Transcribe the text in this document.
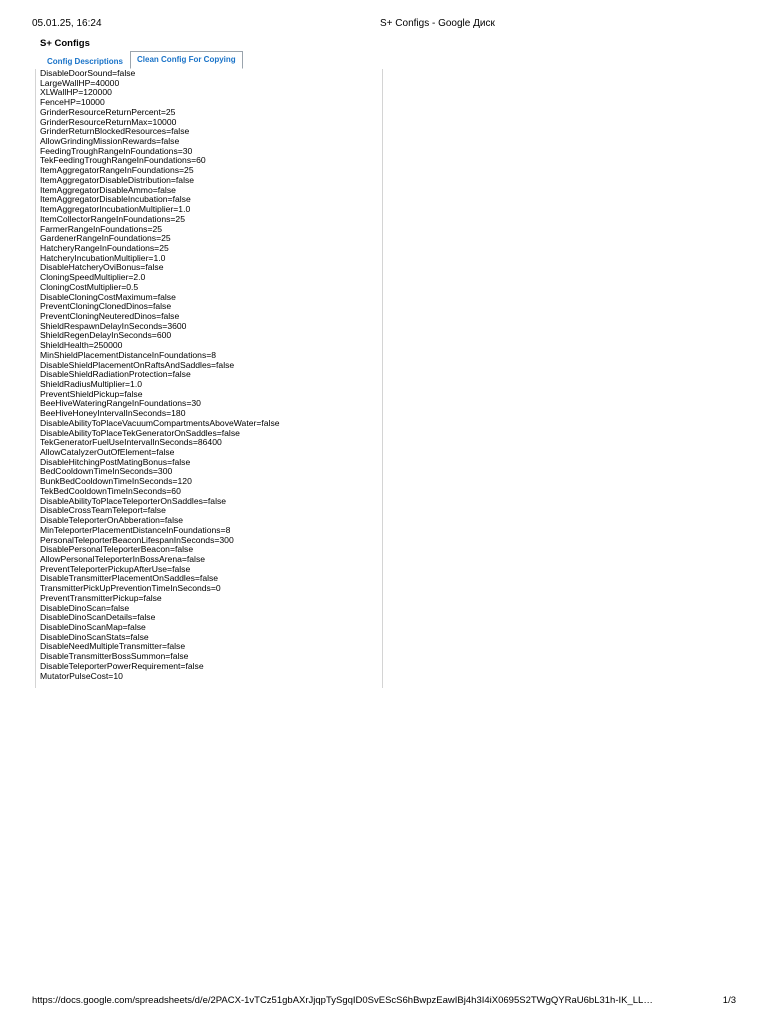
05.01.25, 16:24	S+ Configs - Google Диск
S+ Configs
Config Descriptions	Clean Config For Copying
DisableDoorSound=false
LargeWallHP=40000
XLWallHP=120000
FenceHP=10000
GrinderResourceReturnPercent=25
GrinderResourceReturnMax=10000
GrinderReturnBlockedResources=false
AllowGrindingMissionRewards=false
FeedingTroughRangeInFoundations=30
TekFeedingTroughRangeInFoundations=60
ItemAggregatorRangeInFoundations=25
ItemAggregatorDisableDistribution=false
ItemAggregatorDisableAmmo=false
ItemAggregatorDisableIncubation=false
ItemAggregatorIncubationMultiplier=1.0
ItemCollectorRangeInFoundations=25
FarmerRangeInFoundations=25
GardenerRangeInFoundations=25
HatcheryRangeInFoundations=25
HatcheryIncubationMultiplier=1.0
DisableHatcheryOviBonus=false
CloningSpeedMultiplier=2.0
CloningCostMultiplier=0.5
DisableCloningCostMaximum=false
PreventCloningClonedDinos=false
PreventCloningNeuteredDinos=false
ShieldRespawnDelayInSeconds=3600
ShieldRegenDelayInSeconds=600
ShieldHealth=250000
MinShieldPlacementDistanceInFoundations=8
DisableShieldPlacementOnRaftsAndSaddles=false
DisableShieldRadiationProtection=false
ShieldRadiusMultiplier=1.0
PreventShieldPickup=false
BeeHiveWateringRangeInFoundations=30
BeeHiveHoneyIntervalInSeconds=180
DisableAbilityToPlaceVacuumCompartmentsAboveWater=false
DisableAbilityToPlaceTekGeneratorOnSaddles=false
TekGeneratorFuelUseIntervalInSeconds=86400
AllowCatalyzerOutOfElement=false
DisableHitchingPostMatingBonus=false
BedCooldownTimeInSeconds=300
BunkBedCooldownTimeInSeconds=120
TekBedCooldownTimeInSeconds=60
DisableAbilityToPlaceTeleporterOnSaddles=false
DisableCrossTeamTeleport=false
DisableTeleporterOnAbberation=false
MinTeleporterPlacementDistanceInFoundations=8
PersonalTeleporterBeaconLifespanInSeconds=300
DisablePersonalTeleporterBeacon=false
AllowPersonalTeleporterInBossArena=false
PreventTeleporterPickupAfterUse=false
DisableTransmitterPlacementOnSaddles=false
TransmitterPickUpPreventionTimeInSeconds=0
PreventTransmitterPickup=false
DisableDinoScan=false
DisableDinoScanDetails=false
DisableDinoScanMap=false
DisableDinoScanStats=false
DisableNeedMultipleTransmitter=false
DisableTransmitterBossSummon=false
DisableTeleporterPowerRequirement=false
MutatorPulseCost=10
https://docs.google.com/spreadsheets/d/e/2PACX-1vTCz51gbAXrJjqpTySgqID0SvEScS6hBwpzEawIBj4h3I4iX0695S2TWgQYRaU6bL31h-IK_LL…	1/3
